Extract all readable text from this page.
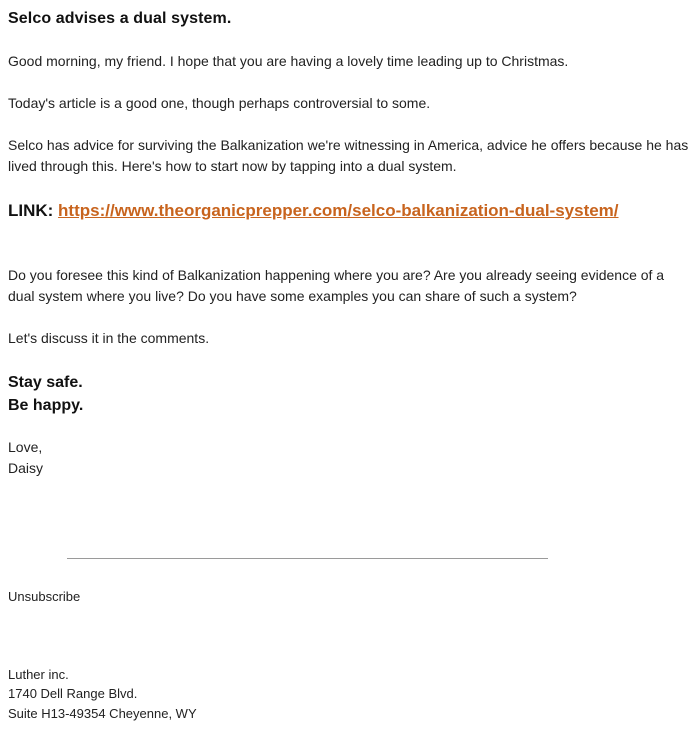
Selco advises a dual system.
Good morning, my friend. I hope that you are having a lovely time leading up to Christmas.
Today's article is a good one, though perhaps controversial to some.
Selco has advice for surviving the Balkanization we're witnessing in America, advice he offers because he has lived through this. Here's how to start now by tapping into a dual system.
LINK: https://www.theorganicprepper.com/selco-balkanization-dual-system/
Do you foresee this kind of Balkanization happening where you are? Are you already seeing evidence of a dual system where you live? Do you have some examples you can share of such a system?
Let's discuss it in the comments.
Stay safe.
Be happy.
Love,
Daisy
Unsubscribe
Luther inc.
1740 Dell Range Blvd.
Suite H13-49354 Cheyenne, WY
